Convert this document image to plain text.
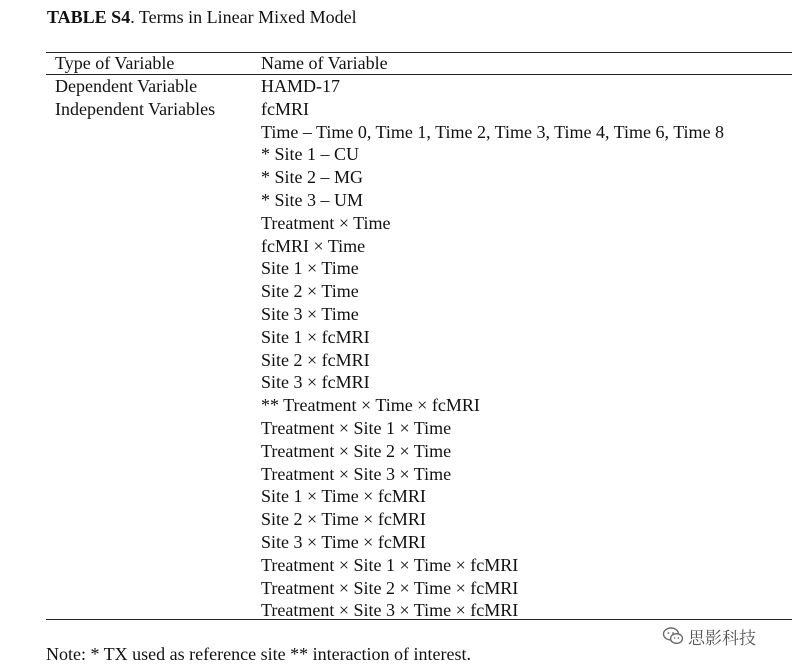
TABLE S4. Terms in Linear Mixed Model
Type of Variable	Name of Variable
Dependent Variable	HAMD-17
Independent Variables	fcMRI
Time – Time 0, Time 1, Time 2, Time 3, Time 4, Time 6, Time 8
* Site 1 – CU
* Site 2 – MG
* Site 3 – UM
Treatment × Time
fcMRI × Time
Site 1 × Time
Site 2 × Time
Site 3 × Time
Site 1 × fcMRI
Site 2 × fcMRI
Site 3 × fcMRI
** Treatment × Time × fcMRI
Treatment × Site 1 × Time
Treatment × Site 2 × Time
Treatment × Site 3 × Time
Site 1 × Time × fcMRI
Site 2 × Time × fcMRI
Site 3 × Time × fcMRI
Treatment × Site 1 × Time × fcMRI
Treatment × Site 2 × Time × fcMRI
Treatment × Site 3 × Time × fcMRI
Note: * TX used as reference site ** interaction of interest.
思影科技
